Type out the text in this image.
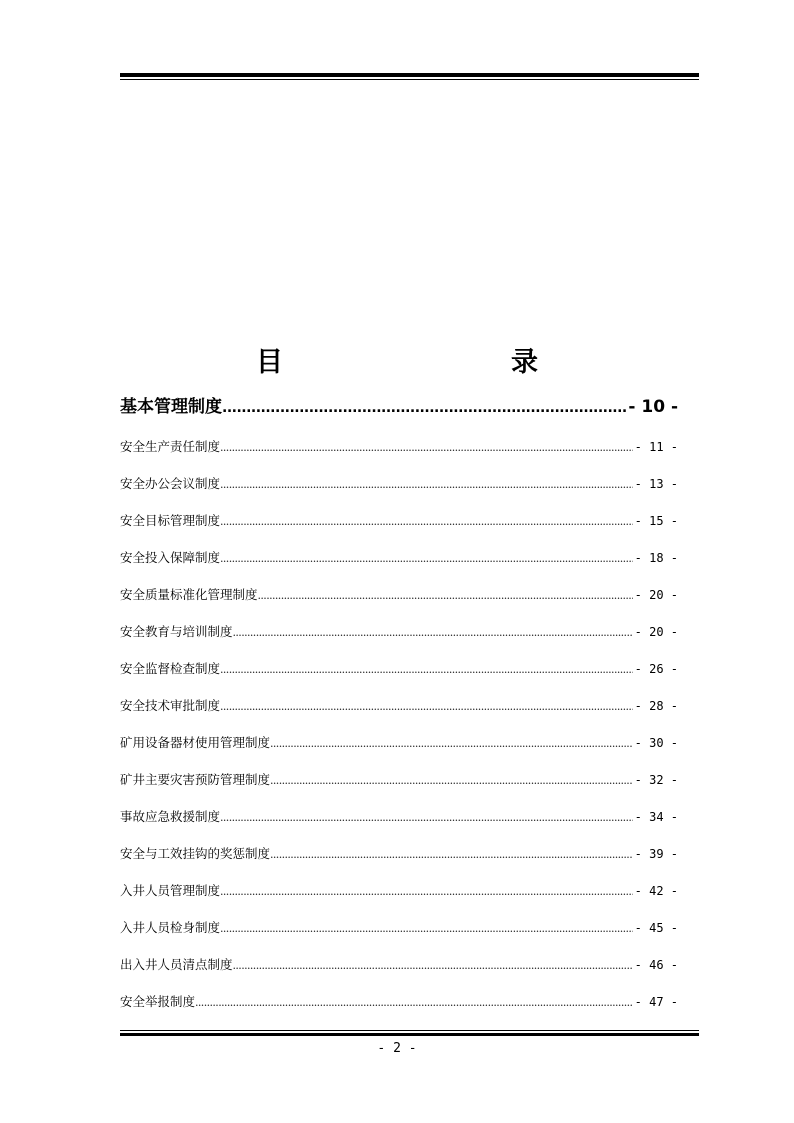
目　　录
基本管理制度 .....	- 10 -
安全生产责任制度 .....	- 11 -
安全办公会议制度 .....	- 13 -
安全目标管理制度 .....	- 15 -
安全投入保障制度 .....	- 18 -
安全质量标准化管理制度 .....	- 20 -
安全教育与培训制度 .....	- 20 -
安全监督检查制度 .....	- 26 -
安全技术审批制度 .....	- 28 -
矿用设备器材使用管理制度 .....	- 30 -
矿井主要灾害预防管理制度 .....	- 32 -
事故应急救援制度 .....	- 34 -
安全与工效挂钩的奖惩制度 .....	- 39 -
入井人员管理制度 .....	- 42 -
入井人员检身制度 .....	- 45 -
出入井人员清点制度 .....	- 46 -
安全举报制度 .....	- 47 -
- 2 -
